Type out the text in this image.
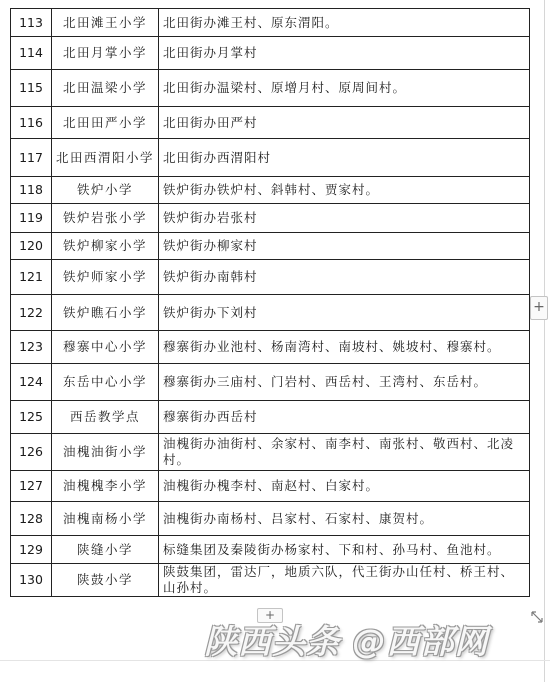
113	北田滩王小学	北田街办滩王村、原东渭阳。
114	北田月掌小学	北田街办月掌村
115	北田温梁小学	北田街办温梁村、原增月村、原周间村。
116	北田田严小学	北田街办田严村
117	北田西渭阳小学	北田街办西渭阳村
118	铁炉小学	铁炉街办铁炉村、斜韩村、贾家村。
119	铁炉岩张小学	铁炉街办岩张村
120	铁炉柳家小学	铁炉街办柳家村
121	铁炉师家小学	铁炉街办南韩村
122	铁炉瞧石小学	铁炉街办下刘村
123	穆寨中心小学	穆寨街办业池村、杨南湾村、南坡村、姚坡村、穆寨村。
124	东岳中心小学	穆寨街办三庙村、门岩村、西岳村、王湾村、东岳村。
125	西岳教学点	穆寨街办西岳村
126	油槐油街小学	油槐街办油街村、余家村、南李村、南张村、敬西村、北凌村。
127	油槐槐李小学	油槐街办槐李村、南赵村、白家村。
128	油槐南杨小学	油槐街办南杨村、吕家村、石家村、康贺村。
129	陕缝小学	标缝集团及秦陵街办杨家村、下和村、孙马村、鱼池村。
130	陕鼓小学	陕鼓集团，雷达厂，地质六队，代王街办山任村、桥王村、山孙村。
+
+
陕西头条 @西部网
